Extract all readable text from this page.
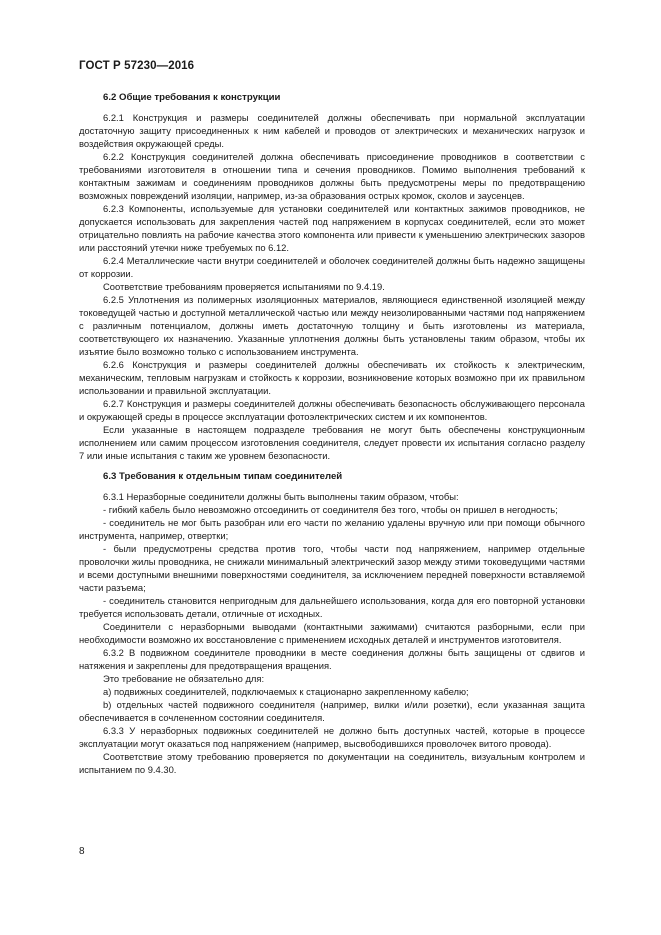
ГОСТ Р 57230—2016
6.2 Общие требования к конструкции

6.2.1 Конструкция и размеры соединителей должны обеспечивать при нормальной эксплуатации достаточную защиту присоединенных к ним кабелей и проводов от электрических и механических нагрузок и воздействия окружающей среды.

6.2.2 Конструкция соединителей должна обеспечивать присоединение проводников в соответствии с требованиями изготовителя в отношении типа и сечения проводников. Помимо выполнения требований к контактным зажимам и соединениям проводников должны быть предусмотрены меры по предотвращению возможных повреждений изоляции, например, из-за образования острых кромок, сколов и заусенцев.

6.2.3 Компоненты, используемые для установки соединителей или контактных зажимов проводников, не допускается использовать для закрепления частей под напряжением в корпусах соединителей, если это может отрицательно повлиять на рабочие качества этого компонента или привести к уменьшению электрических зазоров или расстояний утечки ниже требуемых по 6.12.

6.2.4 Металлические части внутри соединителей и оболочек соединителей должны быть надежно защищены от коррозии.

Соответствие требованиям проверяется испытаниями по 9.4.19.

6.2.5 Уплотнения из полимерных изоляционных материалов, являющиеся единственной изоляцией между токоведущей частью и доступной металлической частью или между неизолированными частями под напряжением с различным потенциалом, должны иметь достаточную толщину и быть изготовлены из материала, соответствующего их назначению. Указанные уплотнения должны быть установлены таким образом, чтобы их изъятие было возможно только с использованием инструмента.

6.2.6 Конструкция и размеры соединителей должны обеспечивать их стойкость к электрическим, механическим, тепловым нагрузкам и стойкость к коррозии, возникновение которых возможно при их правильном использовании и правильной эксплуатации.

6.2.7 Конструкция и размеры соединителей должны обеспечивать безопасность обслуживающего персонала и окружающей среды в процессе эксплуатации фотоэлектрических систем и их компонентов.

Если указанные в настоящем подразделе требования не могут быть обеспечены конструкционным исполнением или самим процессом изготовления соединителя, следует провести их испытания согласно разделу 7 или иные испытания с таким же уровнем безопасности.

6.3 Требования к отдельным типам соединителей

6.3.1 Неразборные соединители должны быть выполнены таким образом, чтобы:

- гибкий кабель было невозможно отсоединить от соединителя без того, чтобы он пришел в негодность;

- соединитель не мог быть разобран или его части по желанию удалены вручную или при помощи обычного инструмента, например, отвертки;

- были предусмотрены средства против того, чтобы части под напряжением, например отдельные проволочки жилы проводника, не снижали минимальный электрический зазор между этими токоведущими частями и всеми доступными внешними поверхностями соединителя, за исключением передней поверхности вставляемой части разъема;

- соединитель становится непригодным для дальнейшего использования, когда для его повторной установки требуется использовать детали, отличные от исходных.

Соединители с неразборными выводами (контактными зажимами) считаются разборными, если при необходимости возможно их восстановление с применением исходных деталей и инструментов изготовителя.

6.3.2 В подвижном соединителе проводники в месте соединения должны быть защищены от сдвигов и натяжения и закреплены для предотвращения вращения.

Это требование не обязательно для:

а) подвижных соединителей, подключаемых к стационарно закрепленному кабелю;

b) отдельных частей подвижного соединителя (например, вилки и/или розетки), если указанная защита обеспечивается в сочлененном состоянии соединителя.

6.3.3 У неразборных подвижных соединителей не должно быть доступных частей, которые в процессе эксплуатации могут оказаться под напряжением (например, высвободившихся проволочек витого провода).

Соответствие этому требованию проверяется по документации на соединитель, визуальным контролем и испытанием по 9.4.30.

8
